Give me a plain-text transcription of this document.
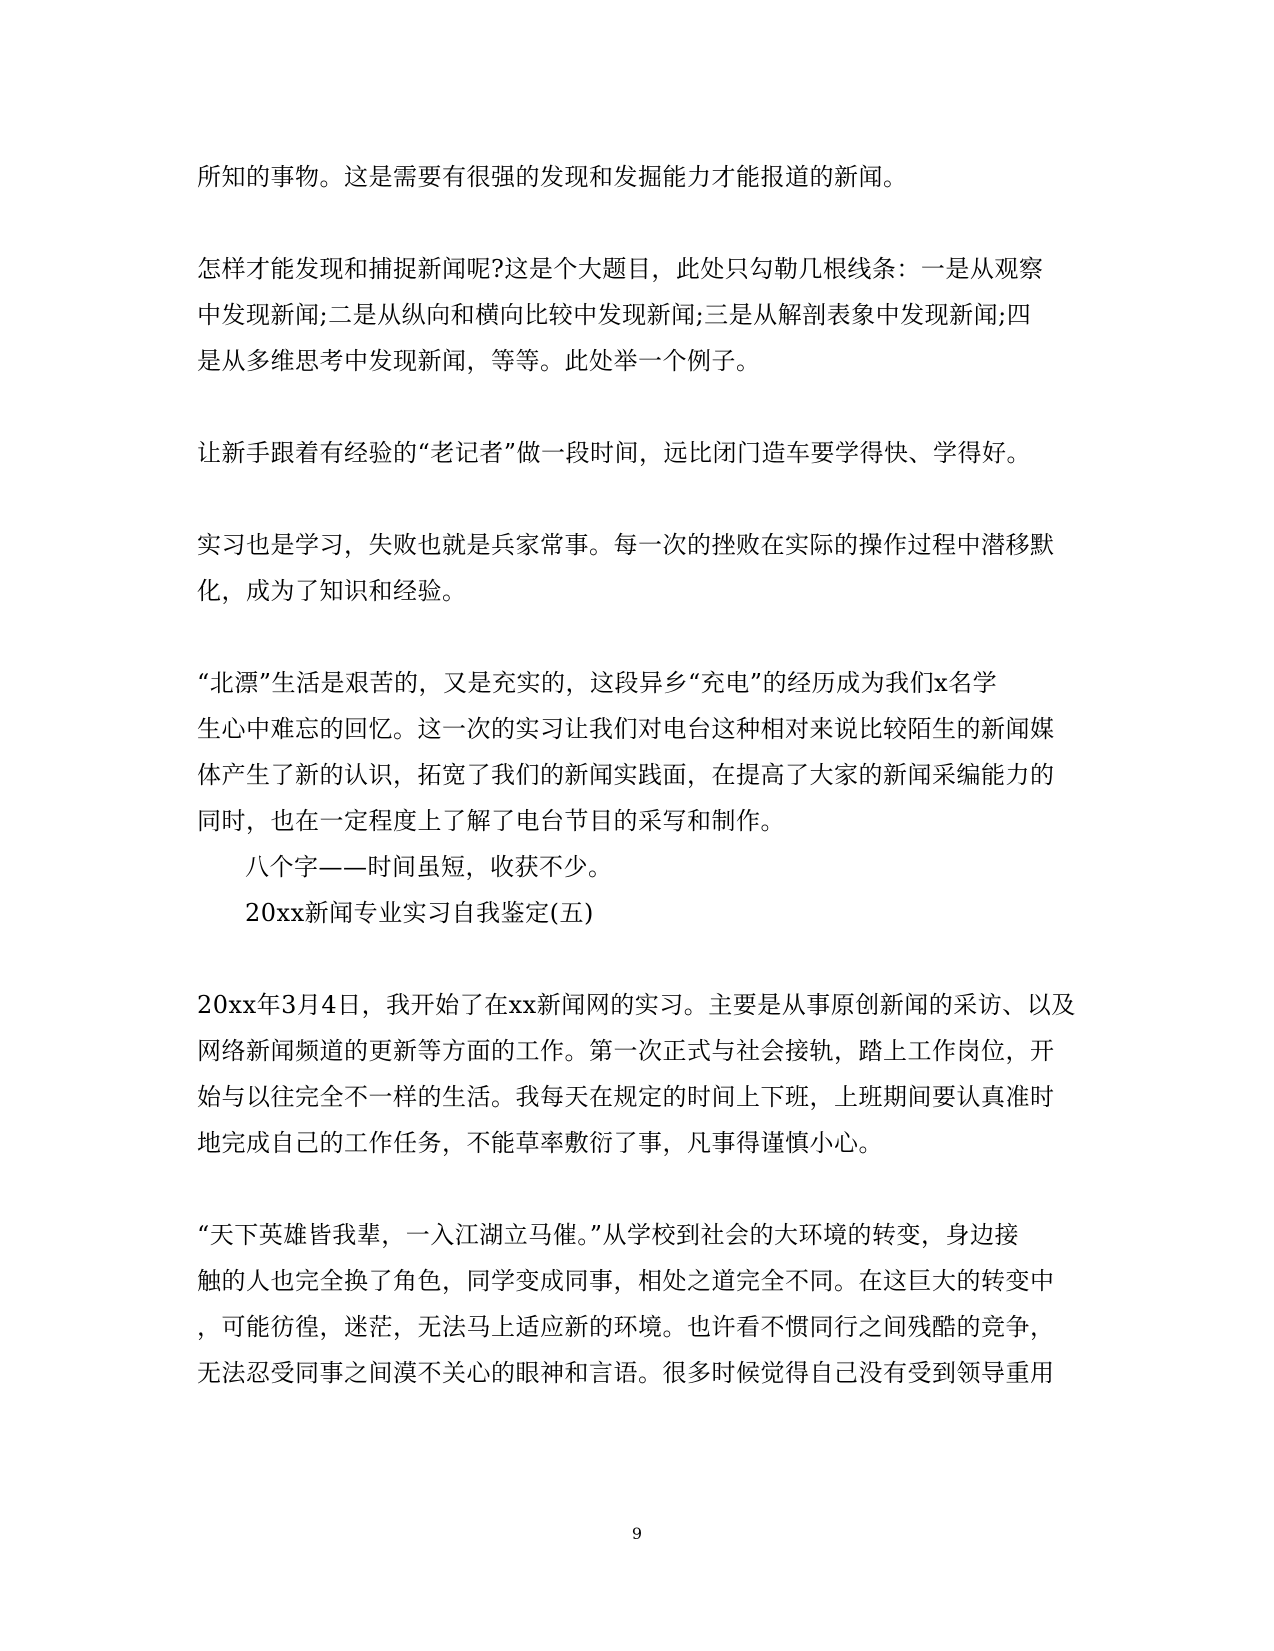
所知的事物。这是需要有很强的发现和发掘能力才能报道的新闻。
怎样才能发现和捕捉新闻呢?这是个大题目，此处只勾勒几根线条：一是从观察
中发现新闻;二是从纵向和横向比较中发现新闻;三是从解剖表象中发现新闻;四
是从多维思考中发现新闻，等等。此处举一个例子。
让新手跟着有经验的“老记者”做一段时间，远比闭门造车要学得快、学得好。
实习也是学习，失败也就是兵家常事。每一次的挫败在实际的操作过程中潜移默
化，成为了知识和经验。
“北漂”生活是艰苦的，又是充实的，这段异乡“充电”的经历成为我们x名学
生心中难忘的回忆。这一次的实习让我们对电台这种相对来说比较陌生的新闻媒
体产生了新的认识，拓宽了我们的新闻实践面，在提高了大家的新闻采编能力的
同时，也在一定程度上了解了电台节目的采写和制作。
八个字——时间虽短，收获不少。
20xx新闻专业实习自我鉴定(五)
20xx年3月4日，我开始了在xx新闻网的实习。主要是从事原创新闻的采访、以及
网络新闻频道的更新等方面的工作。第一次正式与社会接轨，踏上工作岗位，开
始与以往完全不一样的生活。我每天在规定的时间上下班，上班期间要认真准时
地完成自己的工作任务，不能草率敷衍了事，凡事得谨慎小心。
“天下英雄皆我辈，一入江湖立马催。”从学校到社会的大环境的转变，身边接
触的人也完全换了角色，同学变成同事，相处之道完全不同。在这巨大的转变中
，可能彷徨，迷茫，无法马上适应新的环境。也许看不惯同行之间残酷的竞争，
无法忍受同事之间漠不关心的眼神和言语。很多时候觉得自己没有受到领导重用
9
